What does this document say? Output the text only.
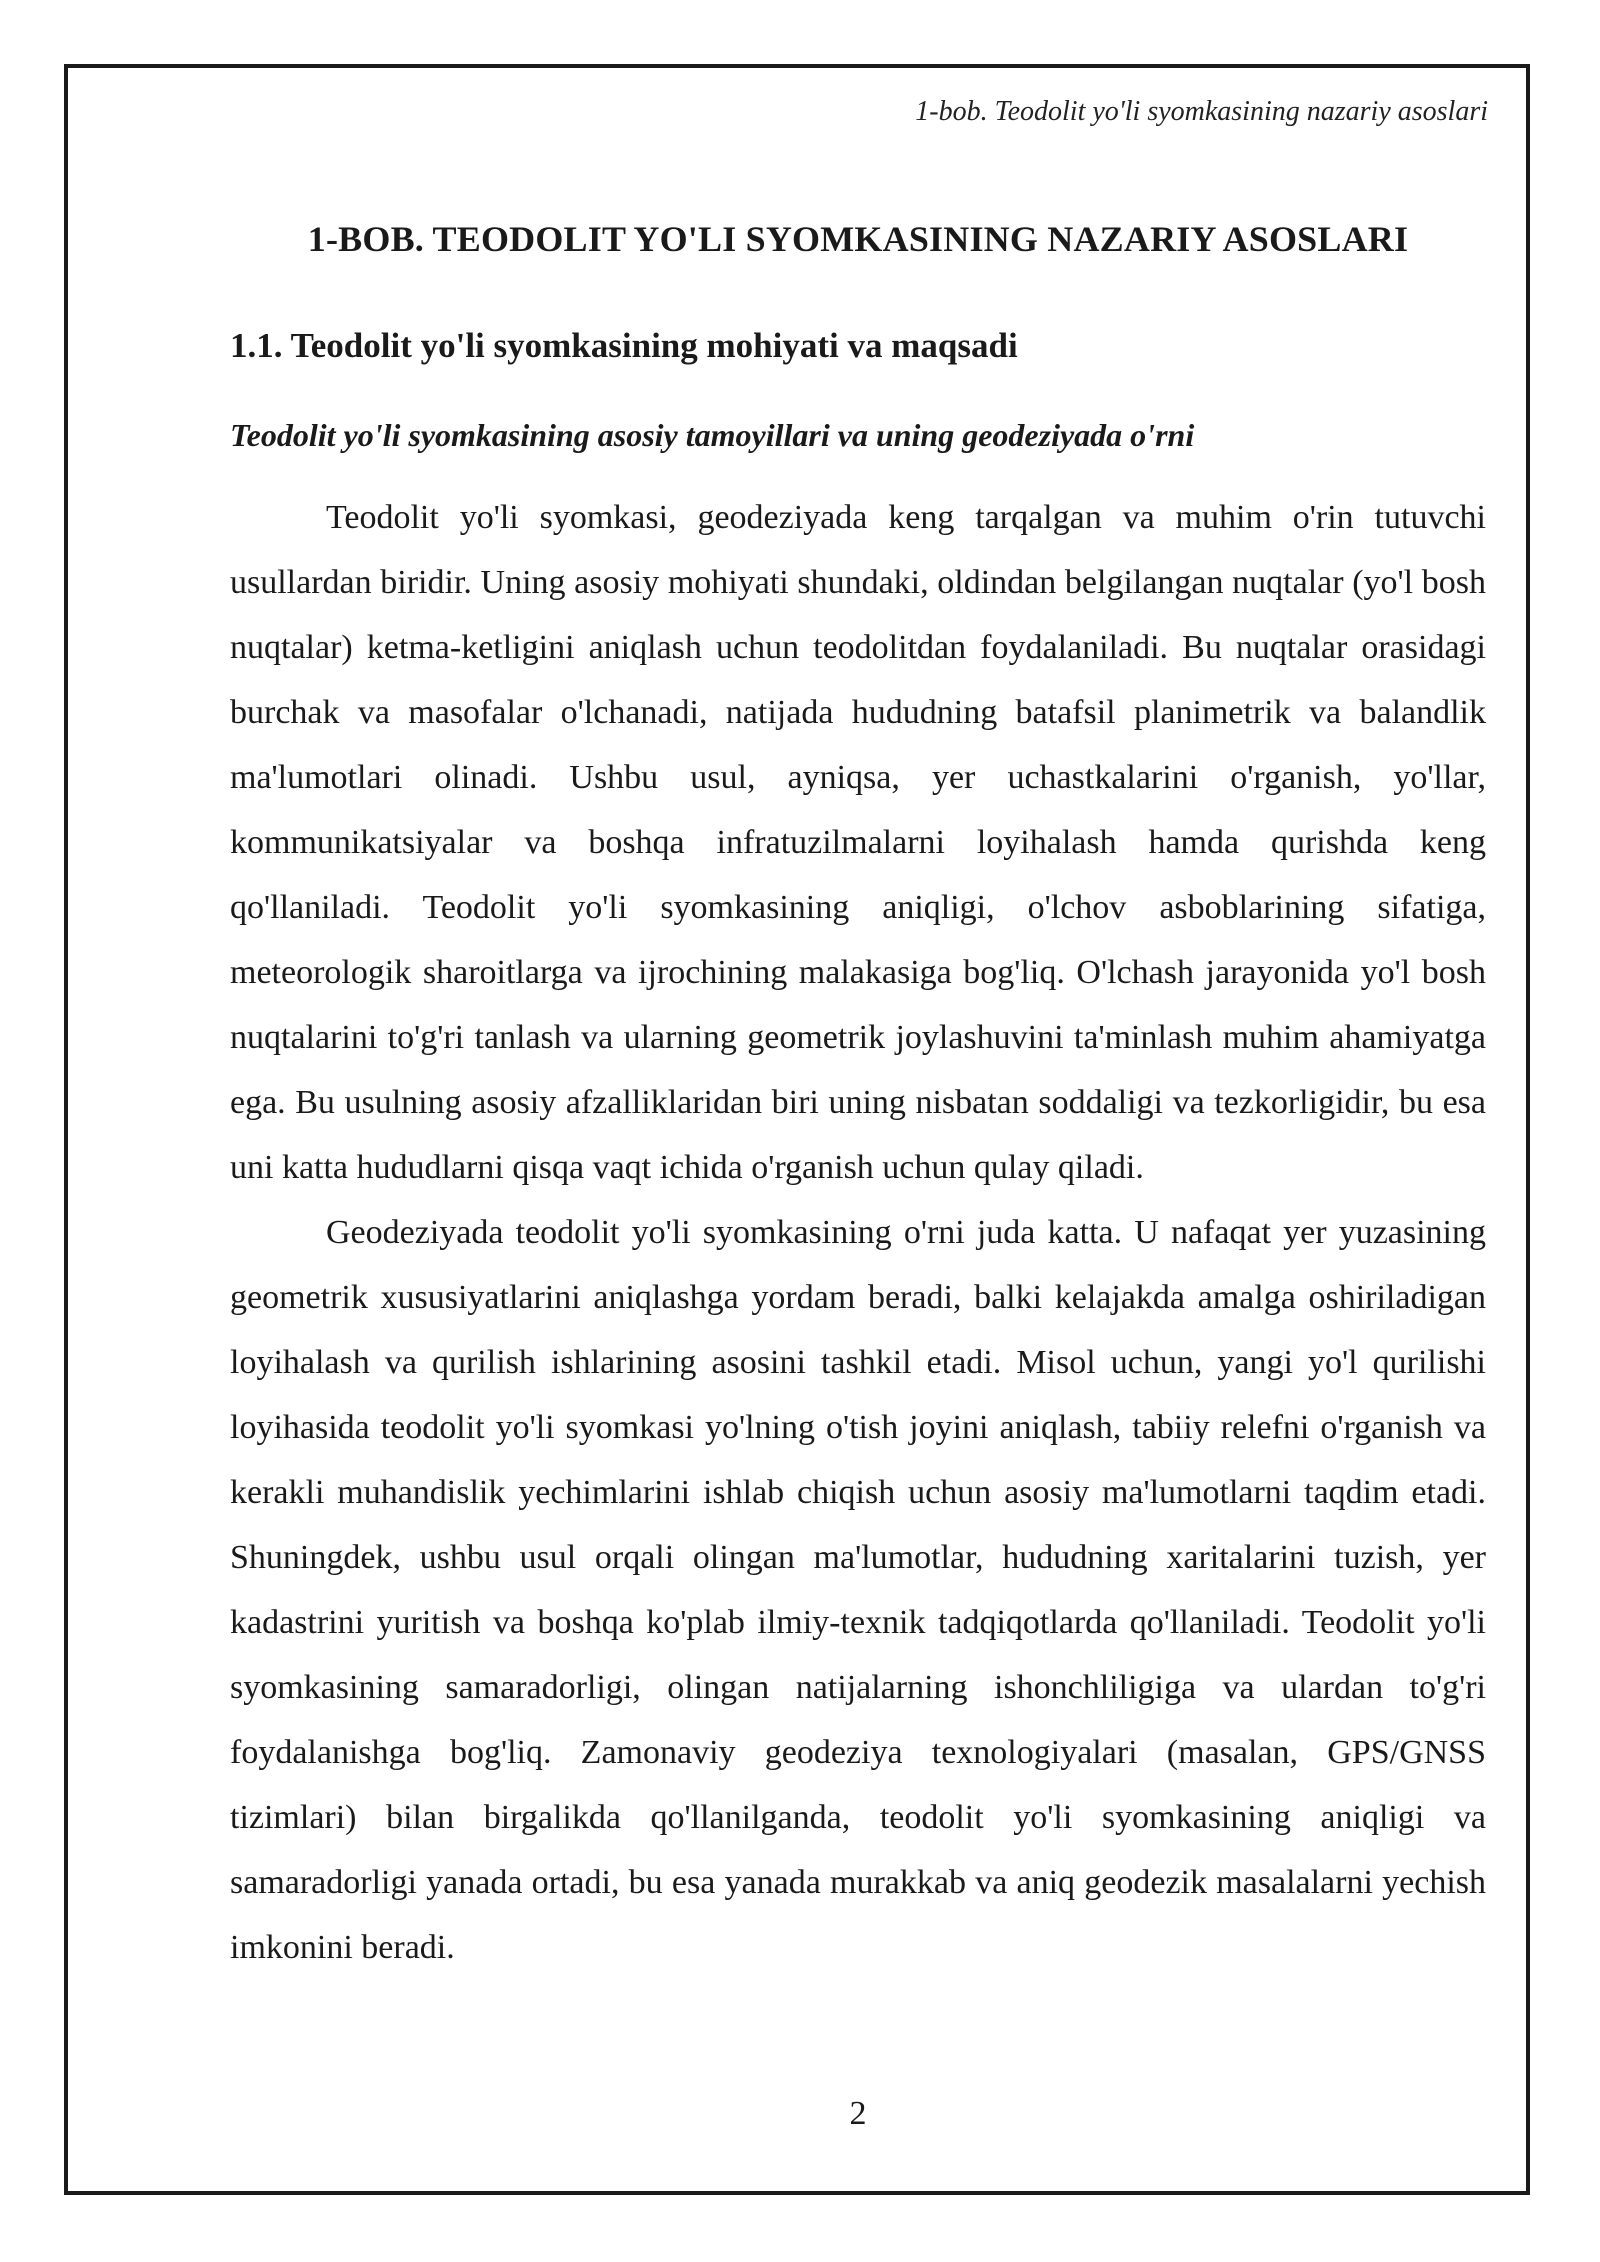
1-bob. Teodolit yo'li syomkasining nazariy asoslari
1-BOB. TEODOLIT YO'LI SYOMKASINING NAZARIY ASOSLARI
1.1. Teodolit yo'li syomkasining mohiyati va maqsadi
Teodolit yo'li syomkasining asosiy tamoyillari va uning geodeziyada o'rni

Teodolit yo'li syomkasi, geodeziyada keng tarqalgan va muhim o'rin tutuvchi usullardan biridir. Uning asosiy mohiyati shundaki, oldindan belgilangan nuqtalar (yo'l bosh nuqtalar) ketma-ketligini aniqlash uchun teodolitdan foydalaniladi. Bu nuqtalar orasidagi burchak va masofalar o'lchanadi, natijada hududning batafsil planimetrik va balandlik ma'lumotlari olinadi. Ushbu usul, ayniqsa, yer uchastkalarini o'rganish, yo'llar, kommunikatsiyalar va boshqa infratuzilmalarni loyihalash hamda qurishda keng qo'llaniladi. Teodolit yo'li syomkasining aniqligi, o'lchov asboblarining sifatiga, meteorologik sharoitlarga va ijrochining malakasiga bog'liq. O'lchash jarayonida yo'l bosh nuqtalarini to'g'ri tanlash va ularning geometrik joylashuvini ta'minlash muhim ahamiyatga ega. Bu usulning asosiy afzalliklaridan biri uning nisbatan soddaligi va tezkorligidir, bu esa uni katta hududlarni qisqa vaqt ichida o'rganish uchun qulay qiladi.

Geodeziyada teodolit yo'li syomkasining o'rni juda katta. U nafaqat yer yuzasining geometrik xususiyatlarini aniqlashga yordam beradi, balki kelajakda amalga oshiriladigan loyihalash va qurilish ishlarining asosini tashkil etadi. Misol uchun, yangi yo'l qurilishi loyihasida teodolit yo'li syomkasi yo'lning o'tish joyini aniqlash, tabiiy relefni o'rganish va kerakli muhandislik yechimlarini ishlab chiqish uchun asosiy ma'lumotlarni taqdim etadi. Shuningdek, ushbu usul orqali olingan ma'lumotlar, hududning xaritalarini tuzish, yer kadastrini yuritish va boshqa ko'plab ilmiy-texnik tadqiqotlarda qo'llaniladi. Teodolit yo'li syomkasining samaradorligi, olingan natijalarning ishonchliligiga va ulardan to'g'ri foydalanishga bog'liq. Zamonaviy geodeziya texnologiyalari (masalan, GPS/GNSS tizimlari) bilan birgalikda qo'llanilganda, teodolit yo'li syomkasining aniqligi va samaradorligi yanada ortadi, bu esa yanada murakkab va aniq geodezik masalalarni yechish imkonini beradi.

2
